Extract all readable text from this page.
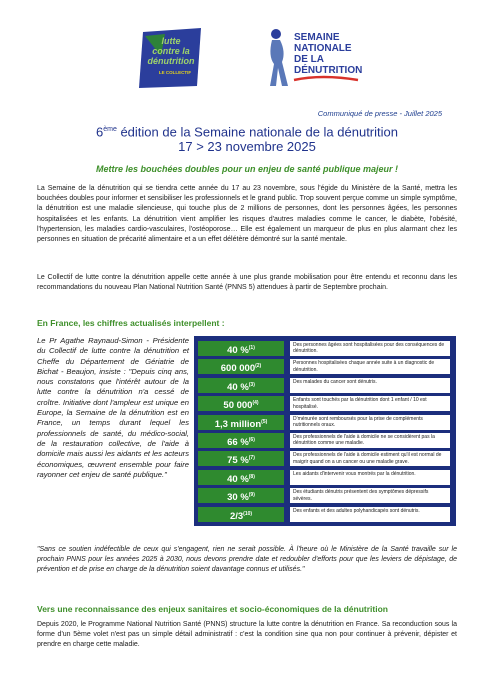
lutte
contre la
dénutrition
LE COLLECTIF
SEMAINE
NATIONALE
DE LA
DÉNUTRITION
Communiqué de presse - Juillet 2025
6ème édition de la Semaine nationale de la dénutrition
17 > 23 novembre 2025
Mettre les bouchées doubles pour un enjeu de santé publique majeur !
La Semaine de la dénutrition qui se tiendra cette année du 17 au 23 novembre, sous l'égide du Ministère de la Santé, mettra les bouchées doubles pour informer et sensibiliser les professionnels et le grand public. Trop souvent perçue comme un simple symptôme, la dénutrition est une maladie silencieuse, qui touche plus de 2 millions de personnes, dont les personnes âgées, les personnes hospitalisées et les enfants. La dénutrition vient amplifier les risques d'autres maladies comme le cancer, le diabète, l'obésité, l'hypertension, les maladies cardio-vasculaires, l'ostéoporose… Elle est également un marqueur de plus en plus alarmant chez les personnes en situation de précarité alimentaire et a un effet délétère démontré sur la santé mentale.
Le Collectif de lutte contre la dénutrition appelle cette année à une plus grande mobilisation pour être entendu et reconnu dans les recommandations du nouveau Plan National Nutrition Santé (PNNS 5) attendues à partir de Septembre prochain.
En France, les chiffres actualisés interpellent :
Le Pr Agathe Raynaud-Simon - Présidente du Collectif de lutte contre la dénutrition et Cheffe du Département de Gériatrie de Bichat - Beaujon, insiste : "Depuis cinq ans, nous constatons que l'intérêt autour de la lutte contre la dénutrition n'a cessé de croître. Initiative dont l'ampleur est unique en Europe, la Semaine de la dénutrition est en France, un temps durant lequel les professionnels de santé, du médico-social, de la restauration collective, de l'aide à domicile mais aussi les aidants et les acteurs économiques, œuvrent ensemble pour faire rayonner cet enjeu de santé publique."
40 %$^{(1)}$	Des personnes âgées sont hospitalisées pour des conséquences de dénutrition.
600 000$^{(2)}$	Personnes hospitalisées chaque année suite à un diagnostic de dénutrition.
40 %$^{(3)}$	Des malades du cancer sont dénutris.
50 000$^{(4)}$	Enfants sont touchés par la dénutrition dont 1 enfant / 10 est hospitalisé.
1,3 million$^{(5)}$	D'ménurée sont remboursés pour la prise de compléments nutritionnels oraux.
66 %$^{(6)}$	Des professionnels de l'aide à domicile ne se considèrent pas la dénutrition comme une maladie.
75 %$^{(7)}$	Des professionnels de l'aide à domicile estiment qu'il est normal de maigrir quand on a un cancer ou une maladie grave.
40 %$^{(8)}$	Les aidants d'intervenir vous montrés par la dénutrition.
30 %$^{(9)}$	Des étudiants dénutris présentent des symptômes dépressifs sévères.
2/3$^{(10)}$	Des enfants et des adultes polyhandicapés sont dénutris.
"Sans ce soutien indéfectible de ceux qui s'engagent, rien ne serait possible. À l'heure où le Ministère de la Santé travaille sur le prochain PNNS pour les années 2025 à 2030, nous devons prendre date et redoubler d'efforts pour que les leviers de dépistage, de prévention et de prise en charge de la dénutrition soient davantage connus et utilisés."
Vers une reconnaissance des enjeux sanitaires et socio-économiques de la dénutrition
Depuis 2020, le Programme National Nutrition Santé (PNNS) structure la lutte contre la dénutrition en France. Sa reconduction sous la forme d'un 5ème volet n'est pas un simple détail administratif : c'est la condition sine qua non pour continuer à prévenir, dépister et prendre en charge cette maladie.
